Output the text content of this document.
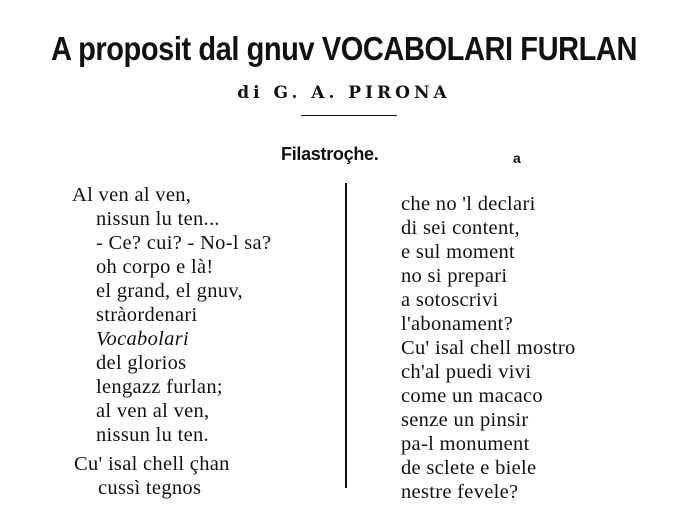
A proposit dal gnuv VOCABOLARI FURLAN
di G. A. PIRONA
Filastroçhe.	a
Al ven al ven,
nissun lu ten...
- Ce? cui? - No-l sa?
oh corpo e là!
el grand, el gnuv,
stràordenari
Vocabolari
del glorios
lengazz furlan;
al ven al ven,
nissun lu ten.
Cu' isal chell çhan
cussì tegnos
che no 'l declari
di sei content,
e sul moment
no si prepari
a sotoscrivi
l'abonament?
Cu' isal chell mostro
ch'al puedi vivi
come un macaco
senze un pinsir
pa-l monument
de sclete e biele
nestre fevele?
